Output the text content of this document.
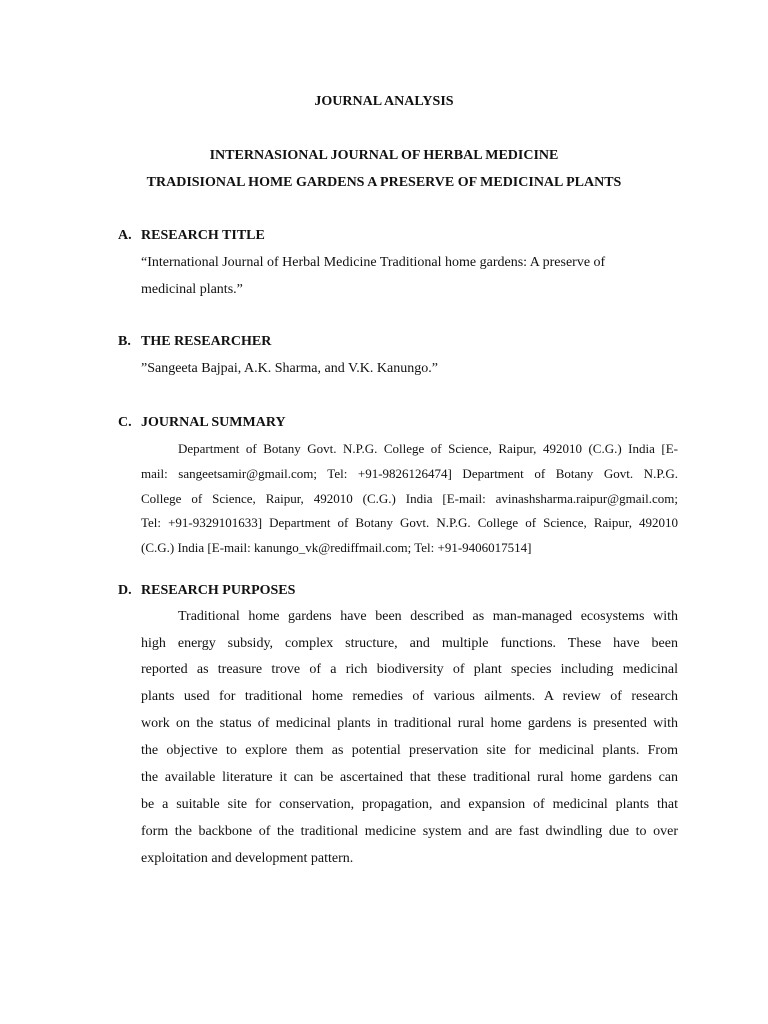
JOURNAL ANALYSIS
INTERNASIONAL JOURNAL OF HERBAL MEDICINE
TRADISIONAL HOME GARDENS A PRESERVE OF MEDICINAL PLANTS
A. RESEARCH TITLE
“International Journal of Herbal Medicine Traditional home gardens: A preserve of
medicinal plants.”
B. THE RESEARCHER
”Sangeeta Bajpai, A.K. Sharma, and V.K. Kanungo.”
C. JOURNAL SUMMARY
Department of Botany Govt. N.P.G. College of Science, Raipur, 492010 (C.G.) India [E-
mail: sangeetsamir@gmail.com; Tel: +91-9826126474] Department of Botany Govt. N.P.G.
College of Science, Raipur, 492010 (C.G.) India [E-mail: avinashsharma.raipur@gmail.com;
Tel: +91-9329101633] Department of Botany Govt. N.P.G. College of Science, Raipur, 492010
(C.G.) India [E-mail: kanungo_vk@rediffmail.com; Tel: +91-9406017514]
D. RESEARCH PURPOSES
Traditional home gardens have been described as man-managed ecosystems with
high energy subsidy, complex structure, and multiple functions. These have been
reported as treasure trove of a rich biodiversity of plant species including medicinal
plants used for traditional home remedies of various ailments. A review of research
work on the status of medicinal plants in traditional rural home gardens is presented with
the objective to explore them as potential preservation site for medicinal plants. From
the available literature it can be ascertained that these traditional rural home gardens can
be a suitable site for conservation, propagation, and expansion of medicinal plants that
form the backbone of the traditional medicine system and are fast dwindling due to over
exploitation and development pattern.
